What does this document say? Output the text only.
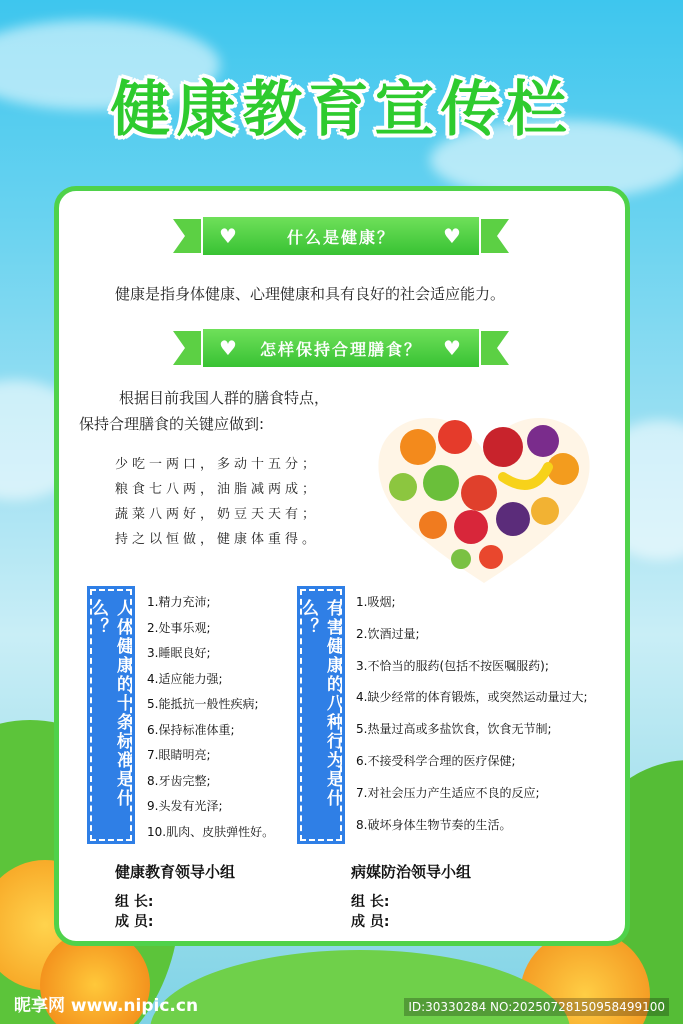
健康教育宣传栏
♥	什么是健康？ ♥
健康是指身体健康、心理健康和具有良好的社会适应能力。
♥ 怎样保持合理膳食？ ♥
根据目前我国人群的膳食特点，
保持合理膳食的关键应做到:
少吃一两口，多动十五分；
粮食七八两，油脂减两成；
蔬菜八两好，奶豆天天有；
持之以恒做，健康体重得。
人体健康的十条标准是什么？	1.精力充沛;
2.处事乐观;
3.睡眠良好;
4.适应能力强;
5.能抵抗一般性疾病;
6.保持标准体重;
7.眼睛明亮;
8.牙齿完整;
9.头发有光泽;
10.肌肉、皮肤弹性好。
有害健康的八种行为是什么？	1.吸烟;
2.饮酒过量;
3.不恰当的服药(包括不按医嘱服药);
4.缺少经常的体育锻炼，或突然运动量过大;
5.热量过高或多盐饮食，饮食无节制;
6.不接受科学合理的医疗保健;
7.对社会压力产生适应不良的反应;
8.破坏身体生物节奏的生活。
健康教育领导小组
组 长:
成 员:
病媒防治领导小组
组 长:
成 员:
昵享网 www.nipic.cn	ID:30330284 NO:20250728150958499100
